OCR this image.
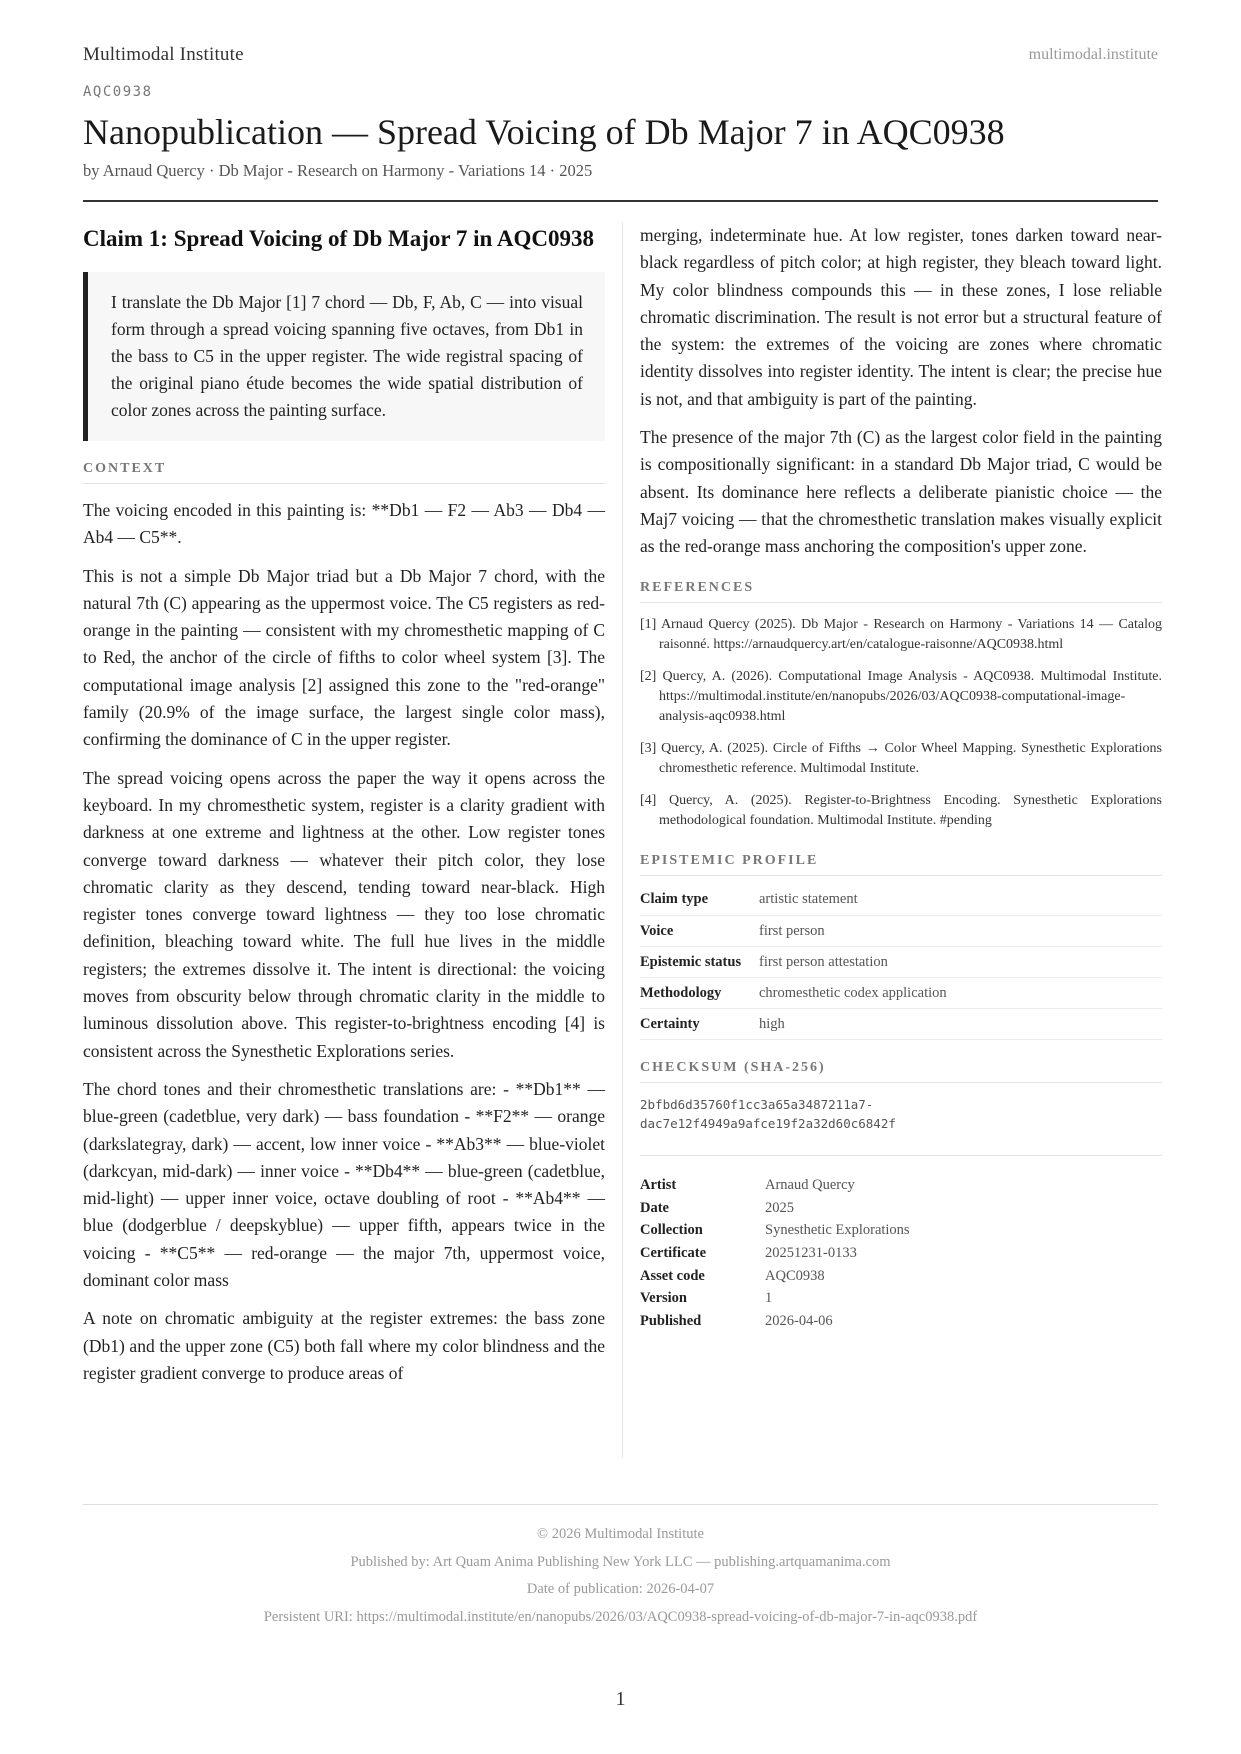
Multimodal Institute	multimodal.institute
AQC0938
Nanopublication — Spread Voicing of Db Major 7 in AQC0938
by Arnaud Quercy · Db Major - Research on Harmony - Variations 14 · 2025
Claim 1: Spread Voicing of Db Major 7 in AQC0938
I translate the Db Major [1] 7 chord — Db, F, Ab, C — into visual form through a spread voicing spanning five octaves, from Db1 in the bass to C5 in the upper register. The wide registral spacing of the original piano étude becomes the wide spatial distribution of color zones across the painting surface.
CONTEXT

The voicing encoded in this painting is: **Db1 — F2 — Ab3 — Db4 — Ab4 — C5**.

This is not a simple Db Major triad but a Db Major 7 chord, with the natural 7th (C) appearing as the uppermost voice. The C5 registers as red-orange in the painting — consistent with my chromesthetic mapping of C to Red, the anchor of the circle of fifths to color wheel system [3]. The computational image analysis [2] assigned this zone to the "red-orange" family (20.9% of the image surface, the largest single color mass), confirming the dominance of C in the upper register.

The spread voicing opens across the paper the way it opens across the keyboard. In my chromesthetic system, register is a clarity gradient with darkness at one extreme and lightness at the other. Low register tones converge toward darkness — whatever their pitch color, they lose chromatic clarity as they descend, tending toward near-black. High register tones converge toward lightness — they too lose chromatic definition, bleaching toward white. The full hue lives in the middle registers; the extremes dissolve it. The intent is directional: the voicing moves from obscurity below through chromatic clarity in the middle to luminous dissolution above. This register-to-brightness encoding [4] is consistent across the Synesthetic Explorations series.

The chord tones and their chromesthetic translations are: - **Db1** — blue-green (cadetblue, very dark) — bass foundation - **F2** — orange (darkslategray, dark) — accent, low inner voice - **Ab3** — blue-violet (darkcyan, mid-dark) — inner voice - **Db4** — blue-green (cadetblue, mid-light) — upper inner voice, octave doubling of root - **Ab4** — blue (dodgerblue / deepskyblue) — upper fifth, appears twice in the voicing - **C5** — red-orange — the major 7th, uppermost voice, dominant color mass

A note on chromatic ambiguity at the register extremes: the bass zone (Db1) and the upper zone (C5) both fall where my color blindness and the register gradient converge to produce areas of

merging, indeterminate hue. At low register, tones darken toward near-black regardless of pitch color; at high register, they bleach toward light. My color blindness compounds this — in these zones, I lose reliable chromatic discrimination. The result is not error but a structural feature of the system: the extremes of the voicing are zones where chromatic identity dissolves into register identity. The intent is clear; the precise hue is not, and that ambiguity is part of the painting.

The presence of the major 7th (C) as the largest color field in the painting is compositionally significant: in a standard Db Major triad, C would be absent. Its dominance here reflects a deliberate pianistic choice — the Maj7 voicing — that the chromesthetic translation makes visually explicit as the red-orange mass anchoring the composition's upper zone.

REFERENCES
[1] Arnaud Quercy (2025). Db Major - Research on Harmony - Variations 14 — Catalog raisonné. https://arnaudquercy.art/en/catalogue-raisonne/AQC0938.html
[2] Quercy, A. (2026). Computational Image Analysis - AQC0938. Multimodal Institute. https://multimodal.institute/en/nanopubs/2026/03/AQC0938-computational-image-analysis-aqc0938.html
[3] Quercy, A. (2025). Circle of Fifths → Color Wheel Mapping. Synesthetic Explorations chromesthetic reference. Multimodal Institute.
[4] Quercy, A. (2025). Register-to-Brightness Encoding. Synesthetic Explorations methodological foundation. Multimodal Institute. #pending
EPISTEMIC PROFILE
Claim type	artistic statement
Voice	first person
Epistemic status	first person attestation
Methodology	chromesthetic codex application
Certainty	high
CHECKSUM (SHA-256)
2bfbd6d35760f1cc3a65a3487211a7-
dac7e12f4949a9afce19f2a32d60c6842f
Artist	Arnaud Quercy
Date	2025
Collection	Synesthetic Explorations
Certificate	20251231-0133
Asset code	AQC0938
Version	1
Published	2026-04-06
© 2026 Multimodal Institute
Published by: Art Quam Anima Publishing New York LLC — publishing.artquamanima.com
Date of publication: 2026-04-07
Persistent URI: https://multimodal.institute/en/nanopubs/2026/03/AQC0938-spread-voicing-of-db-major-7-in-aqc0938.pdf
1
